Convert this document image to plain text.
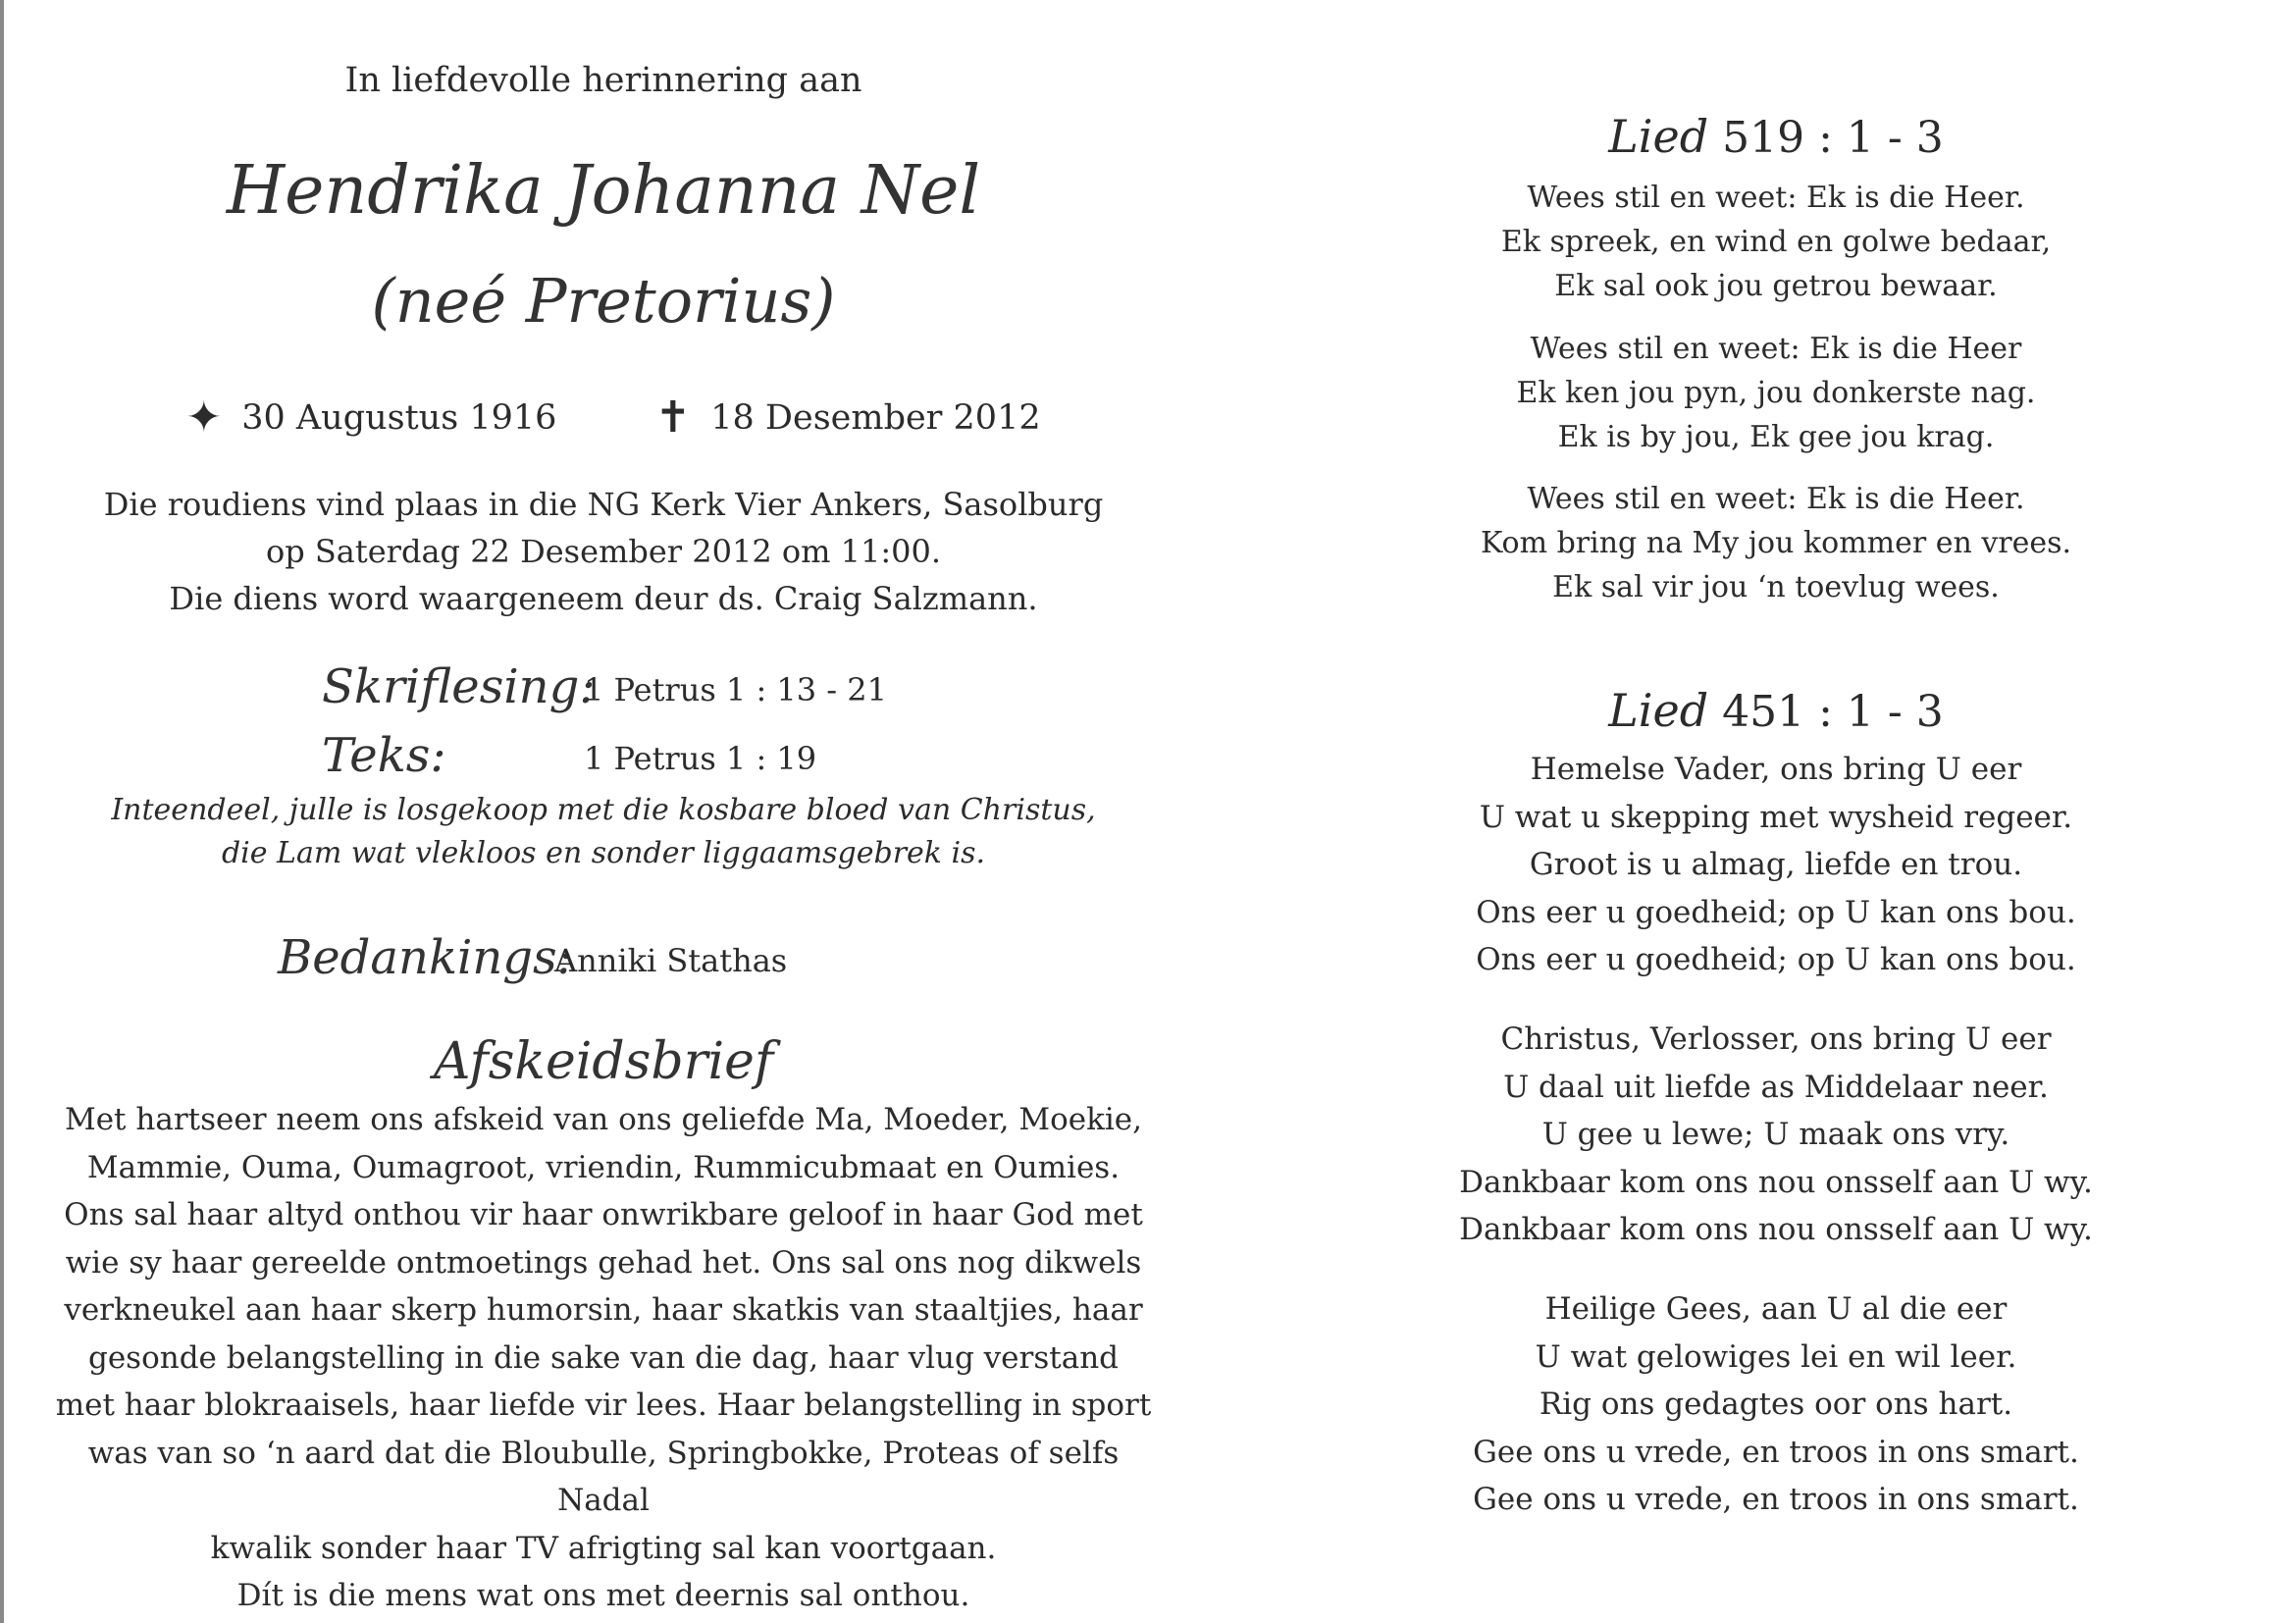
In liefdevolle herinnering aan
Hendrika Johanna Nel
(neé Pretorius)
✦ 30 Augustus 1916 ✝ 18 Desember 2012
Die roudiens vind plaas in die NG Kerk Vier Ankers, Sasolburg
op Saterdag 22 Desember 2012 om 11:00.
Die diens word waargeneem deur ds. Craig Salzmann.
Skriflesing:
1 Petrus 1 : 13 - 21
Teks:	1 Petrus 1 : 19
Inteendeel, julle is losgekoop met die kosbare bloed van Christus,
die Lam wat vlekloos en sonder liggaamsgebrek is.
Bedankings:
Anniki Stathas
Afskeidsbrief
Met hartseer neem ons afskeid van ons geliefde Ma, Moeder, Moekie,
Mammie, Ouma, Oumagroot, vriendin, Rummicubmaat en Oumies.
Ons sal haar altyd onthou vir haar onwrikbare geloof in haar God met
wie sy haar gereelde ontmoetings gehad het. Ons sal ons nog dikwels
verkneukel aan haar skerp humorsin, haar skatkis van staaltjies, haar
gesonde belangstelling in die sake van die dag, haar vlug verstand
met haar blokraaisels, haar liefde vir lees. Haar belangstelling in sport
was van so ‘n aard dat die Bloubulle, Springbokke, Proteas of selfs Nadal
kwalik sonder haar TV afrigting sal kan voortgaan.
Dít is die mens wat ons met deernis sal onthou.
Lied 519 : 1 - 3
Wees stil en weet: Ek is die Heer.
Ek spreek, en wind en golwe bedaar,
Ek sal ook jou getrou bewaar.
Wees stil en weet: Ek is die Heer
Ek ken jou pyn, jou donkerste nag.
Ek is by jou, Ek gee jou krag.
Wees stil en weet: Ek is die Heer.
Kom bring na My jou kommer en vrees.
Ek sal vir jou ‘n toevlug wees.
Lied 451 : 1 - 3
Hemelse Vader, ons bring U eer
U wat u skepping met wysheid regeer.
Groot is u almag, liefde en trou.
Ons eer u goedheid; op U kan ons bou.
Ons eer u goedheid; op U kan ons bou.
Christus, Verlosser, ons bring U eer
U daal uit liefde as Middelaar neer.
U gee u lewe; U maak ons vry.
Dankbaar kom ons nou onsself aan U wy.
Dankbaar kom ons nou onsself aan U wy.
Heilige Gees, aan U al die eer
U wat gelowiges lei en wil leer.
Rig ons gedagtes oor ons hart.
Gee ons u vrede, en troos in ons smart.
Gee ons u vrede, en troos in ons smart.
